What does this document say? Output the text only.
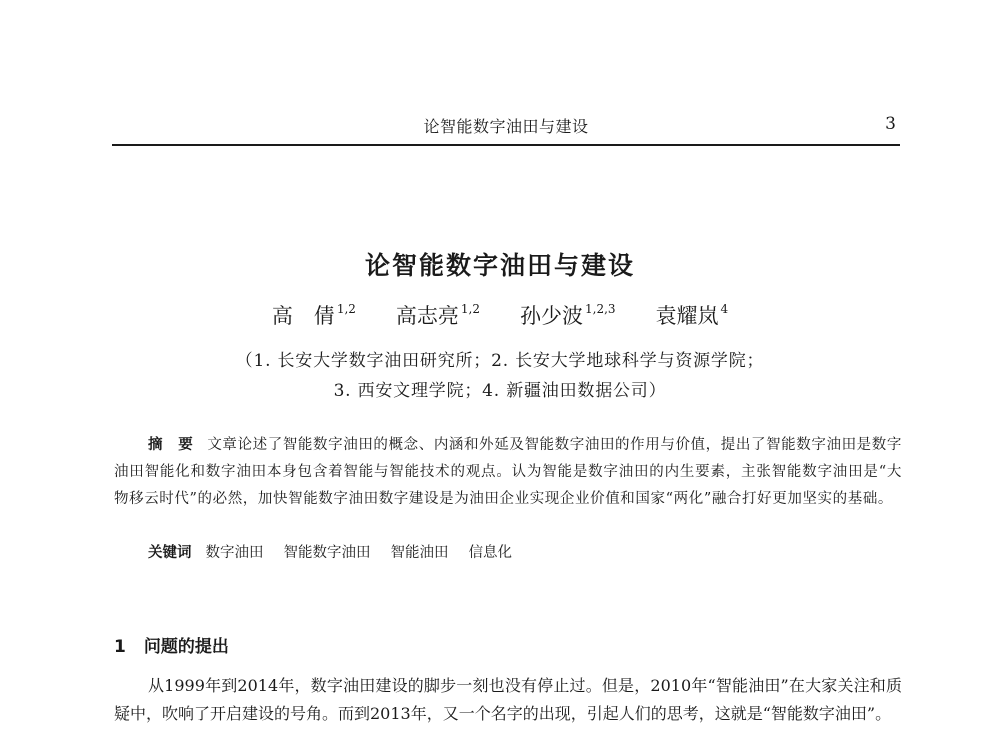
论智能数字油田与建设	3
论智能数字油田与建设
高　倩 $^{1,2}$ 高志亮 $^{1,2}$ 孙少波 $^{1,2,3}$ 袁耀岚 $^4$
（1. 长安大学数字油田研究所；2. 长安大学地球科学与资源学院；
3. 西安文理学院；4. 新疆油田数据公司）
摘　要 文章论述了智能数字油田的概念、内涵和外延及智能数字油田的作用与价值，提出了智能数字油田是数字油田智能化和数字油田本身包含着智能与智能技术的观点。认为智能是数字油田的内生要素，主张智能数字油田是“大物移云时代”的必然，加快智能数字油田数字建设是为油田企业实现企业价值和国家“两化”融合打好更加坚实的基础。
关键词 数字油田 智能数字油田 智能油田 信息化
1 问题的提出
从1999年到2014年，数字油田建设的脚步一刻也没有停止过。但是，2010年“智能油田”在大家关注和质疑中，吹响了开启建设的号角。而到2013年，又一个名字的出现，引起人们的思考，这就是“智能数字油田”。
